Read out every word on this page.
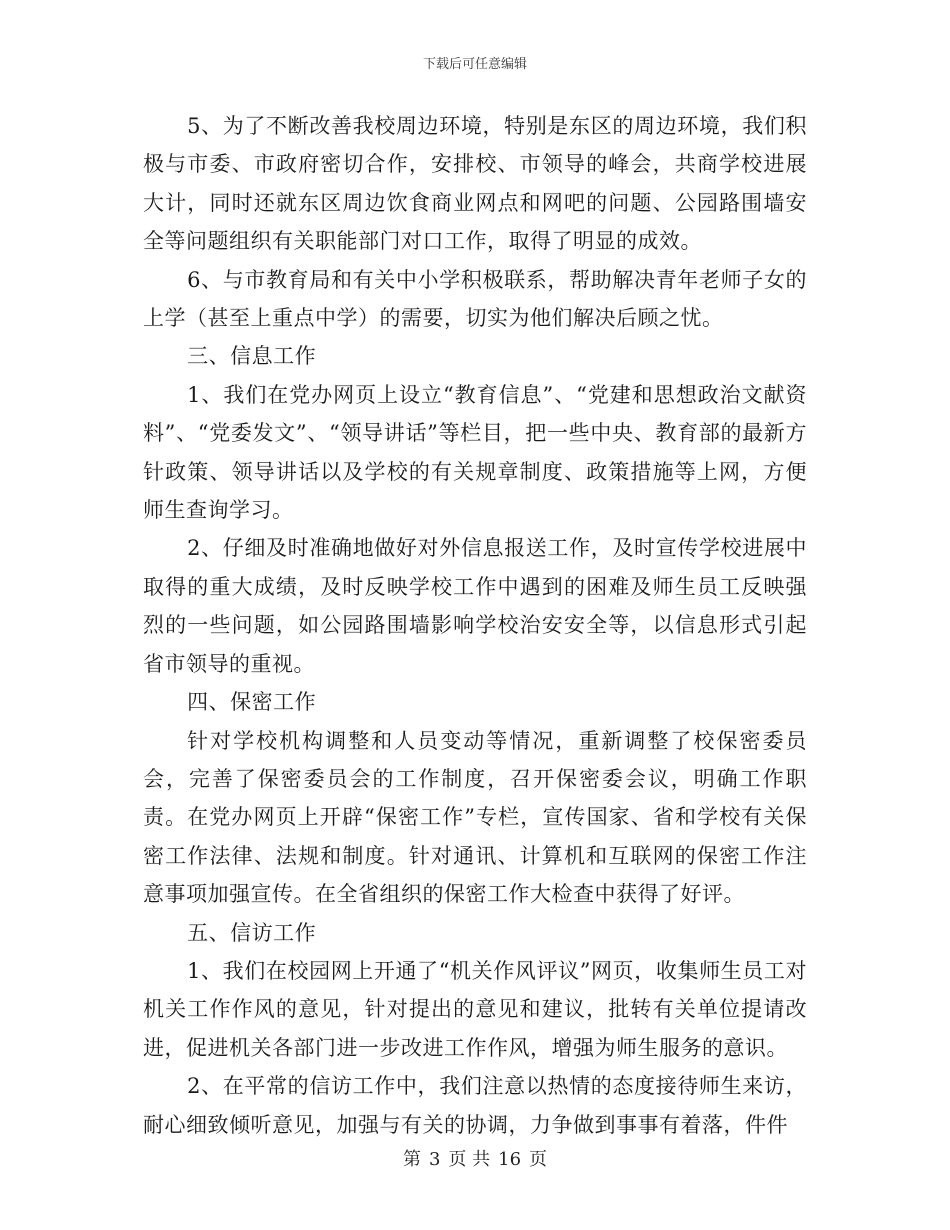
下载后可任意编辑

5、为了不断改善我校周边环境，特别是东区的周边环境，我们积极与市委、市政府密切合作，安排校、市领导的峰会，共商学校进展大计，同时还就东区周边饮食商业网点和网吧的问题、公园路围墙安全等问题组织有关职能部门对口工作，取得了明显的成效。

6、与市教育局和有关中小学积极联系，帮助解决青年老师子女的上学（甚至上重点中学）的需要，切实为他们解决后顾之忧。

三、信息工作

1、我们在党办网页上设立“教育信息”、“党建和思想政治文献资料”、“党委发文”、“领导讲话”等栏目，把一些中央、教育部的最新方针政策、领导讲话以及学校的有关规章制度、政策措施等上网，方便师生查询学习。

2、仔细及时准确地做好对外信息报送工作，及时宣传学校进展中取得的重大成绩，及时反映学校工作中遇到的困难及师生员工反映强烈的一些问题，如公园路围墙影响学校治安安全等，以信息形式引起省市领导的重视。

四、保密工作

针对学校机构调整和人员变动等情况，重新调整了校保密委员会，完善了保密委员会的工作制度，召开保密委会议，明确工作职责。在党办网页上开辟“保密工作”专栏，宣传国家、省和学校有关保密工作法律、法规和制度。针对通讯、计算机和互联网的保密工作注意事项加强宣传。在全省组织的保密工作大检查中获得了好评。

五、信访工作

1、我们在校园网上开通了“机关作风评议”网页，收集师生员工对机关工作作风的意见，针对提出的意见和建议，批转有关单位提请改进，促进机关各部门进一步改进工作作风，增强为师生服务的意识。

2、在平常的信访工作中，我们注意以热情的态度接待师生来访，耐心细致倾听意见，加强与有关的协调，力争做到事事有着落，件件

第 3 页 共 16 页
